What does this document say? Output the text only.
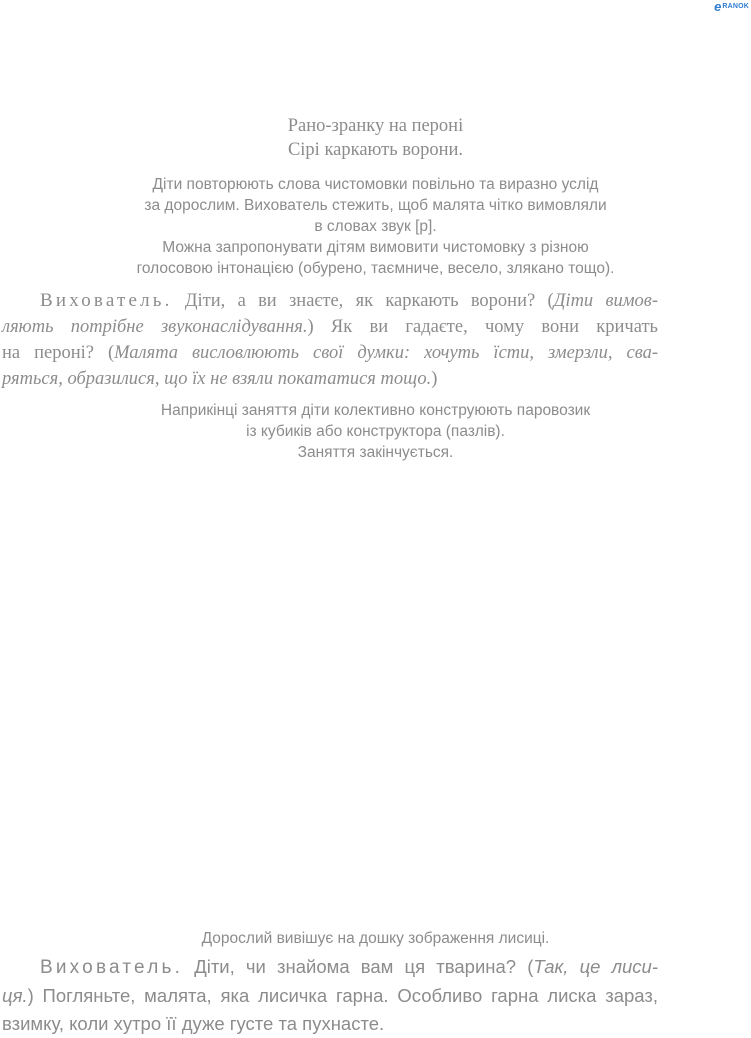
e RANOK
Рано-зранку на пероні
Сірі каркають ворони.
Діти повторюють слова чистомовки повільно та виразно услід
за дорослим. Вихователь стежить, щоб малята чітко вимовляли
в словах звук [р].
Можна запропонувати дітям вимовити чистомовку з різною
голосовою інтонацією (обурено, таємниче, весело, злякано тощо).
Вихователь. Діти, а ви знаєте, як каркають ворони? (Діти вимов-
ляють потрібне звуконаслідування.) Як ви гадаєте, чому вони кричать
на пероні? (Малята висловлюють свої думки: хочуть їсти, змерзли, сва-
ряться, образилися, що їх не взяли покататися тощо.)
Наприкінці заняття діти колективно конструюють паровозик
із кубиків або конструктора (пазлів).
Заняття закінчується.
Дорослий вивішує на дошку зображення лисиці.
Вихователь. Діти, чи знайома вам ця тварина? (Так, це лиси-
ця.) Погляньте, малята, яка лисичка гарна. Особливо гарна лиска зараз,
взимку, коли хутро її дуже густе та пухнасте.
